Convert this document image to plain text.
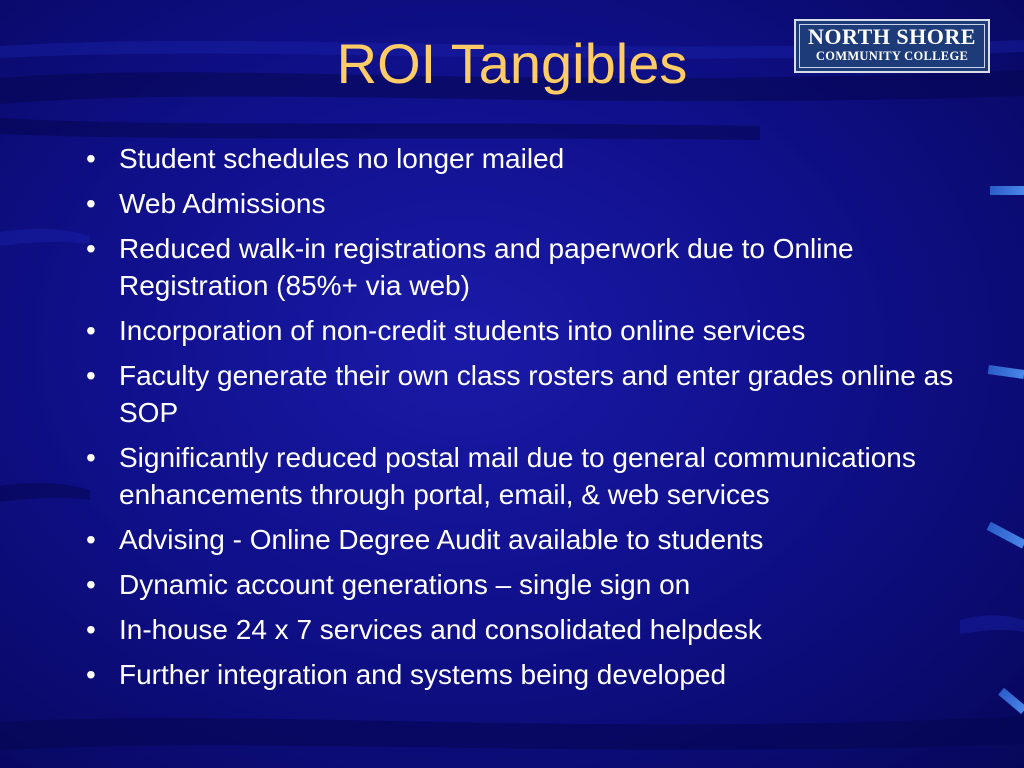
ROI Tangibles	NORTH SHORE
COMMUNITY COLLEGE
• Student schedules no longer mailed
• Web Admissions
• Reduced walk-in registrations and paperwork due to Online Registration (85%+ via web)
• Incorporation of non-credit students into online services
• Faculty generate their own class rosters and enter grades online as SOP
• Significantly reduced postal mail due to general communications enhancements through portal, email, & web services
• Advising - Online Degree Audit available to students
• Dynamic account generations – single sign on
• In-house 24 x 7 services and consolidated helpdesk
• Further integration and systems being developed
